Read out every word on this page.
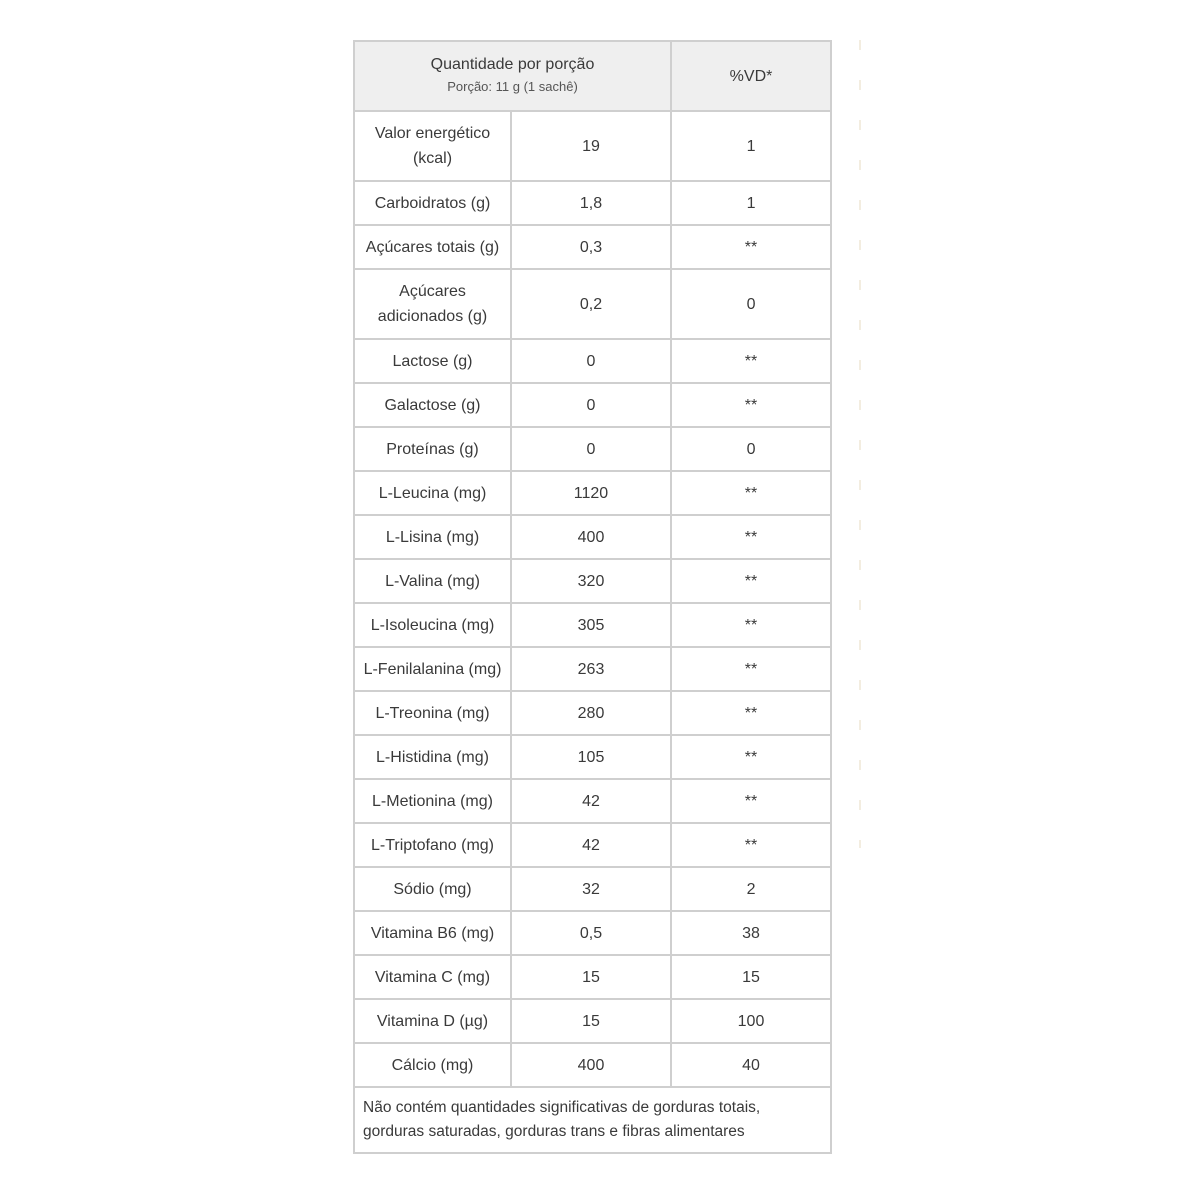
Quantidade por porção
Porção: 11 g (1 sachê)		%VD*
Valor energético (kcal)	19	1
Carboidratos (g)	1,8	1
Açúcares totais (g)	0,3	**
Açúcares adicionados (g)	0,2	0
Lactose (g)	0	**
Galactose (g)	0	**
Proteínas (g)	0	0
L-Leucina (mg)	1120	**
L-Lisina (mg)	400	**
L-Valina (mg)	320	**
L-Isoleucina (mg)	305	**
L-Fenilalanina (mg)	263	**
L-Treonina (mg)	280	**
L-Histidina (mg)	105	**
L-Metionina (mg)	42	**
L-Triptofano (mg)	42	**
Sódio (mg)	32	2
Vitamina B6 (mg)	0,5	38
Vitamina C (mg)	15	15
Vitamina D (µg)	15	100
Cálcio (mg)	400	40
Não contém quantidades significativas de gorduras totais, gorduras saturadas, gorduras trans e fibras alimentares		
